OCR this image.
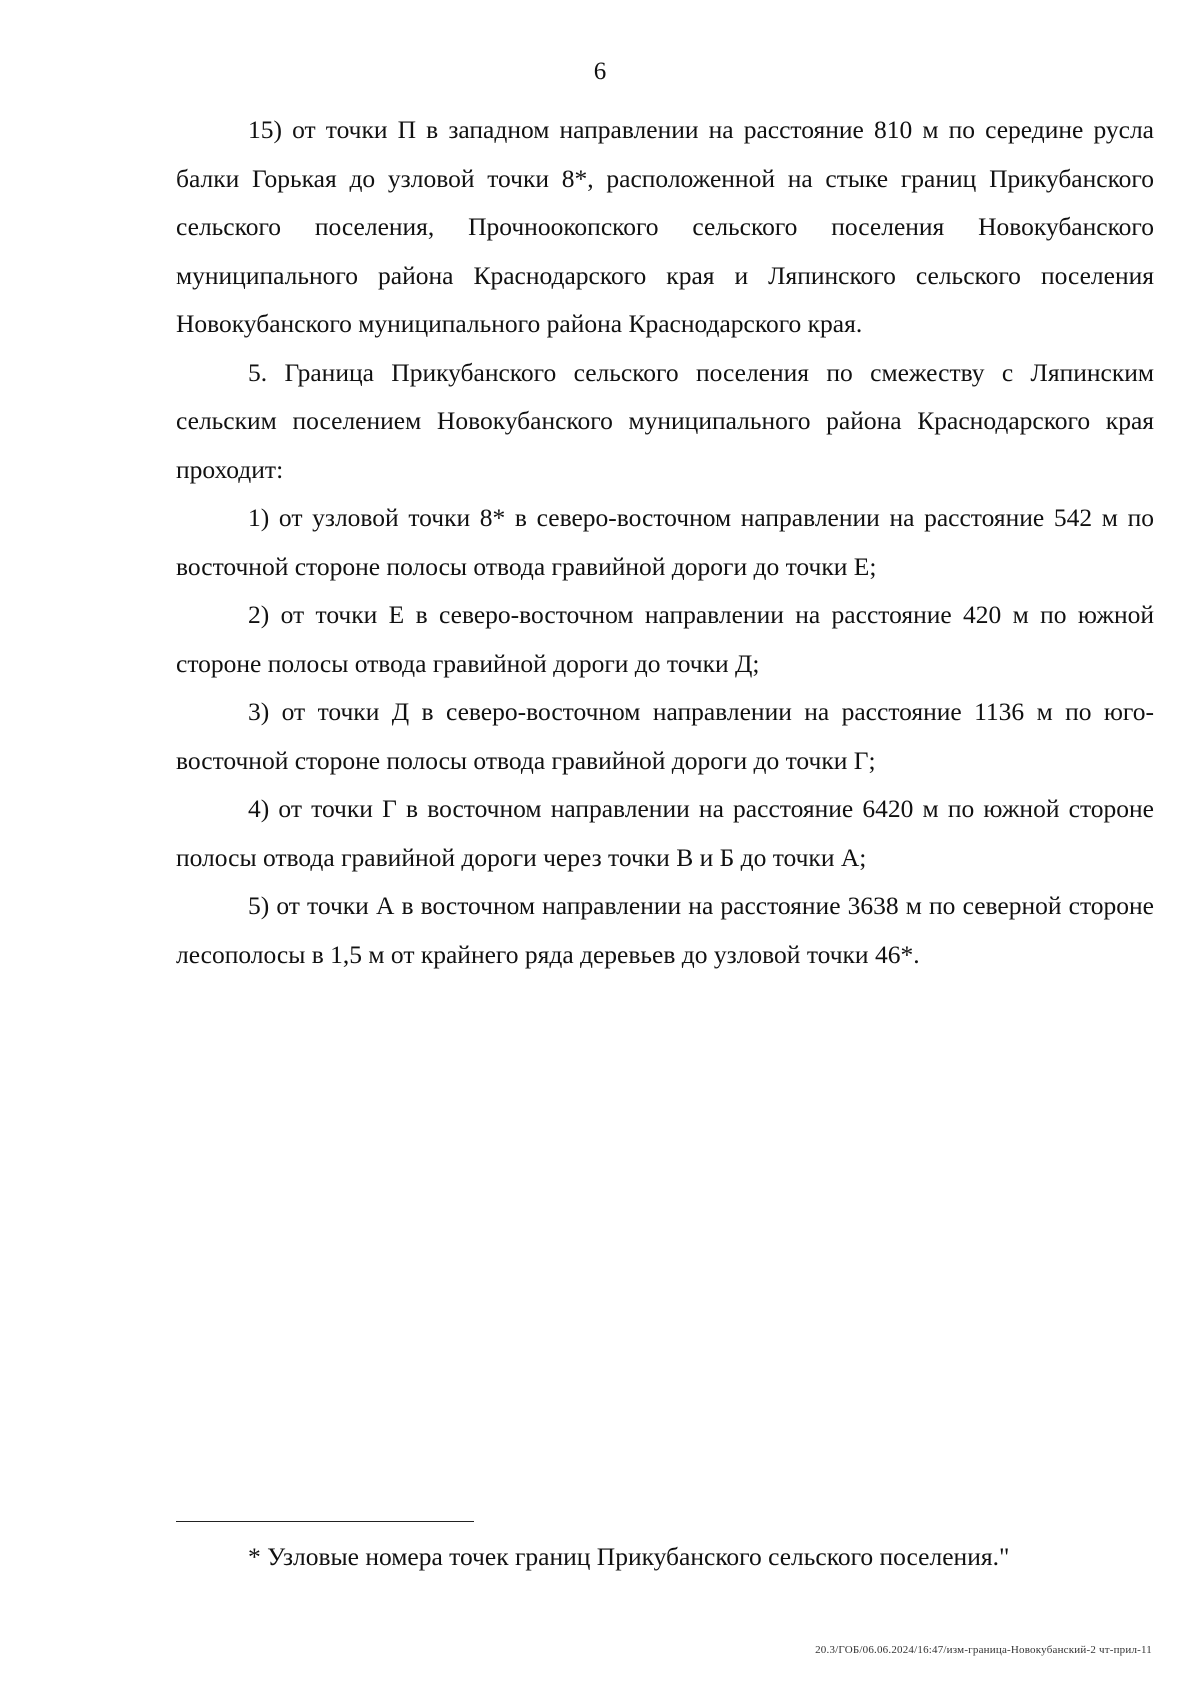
6

15) от точки П в западном направлении на расстояние 810 м по середине русла балки Горькая до узловой точки 8*, расположенной на стыке границ Прикубанского сельского поселения, Прочноокопского сельского поселения Новокубанского муниципального района Краснодарского края и Ляпинского сельского поселения Новокубанского муниципального района Краснодарского края.

5. Граница Прикубанского сельского поселения по смежеству с Ляпинским сельским поселением Новокубанского муниципального района Краснодарского края проходит:

1) от узловой точки 8* в северо-восточном направлении на расстояние 542 м по восточной стороне полосы отвода гравийной дороги до точки Е;

2) от точки Е в северо-восточном направлении на расстояние 420 м по южной стороне полосы отвода гравийной дороги до точки Д;

3) от точки Д в северо-восточном направлении на расстояние 1136 м по юго-восточной стороне полосы отвода гравийной дороги до точки Г;

4) от точки Г в восточном направлении на расстояние 6420 м по южной стороне полосы отвода гравийной дороги через точки В и Б до точки А;

5) от точки А в восточном направлении на расстояние 3638 м по северной стороне лесополосы в 1,5 м от крайнего ряда деревьев до узловой точки 46*.

* Узловые номера точек границ Прикубанского сельского поселения."
20.3/ГОБ/06.06.2024/16:47/изм-граница-Новокубанский-2 чт-прил-11
